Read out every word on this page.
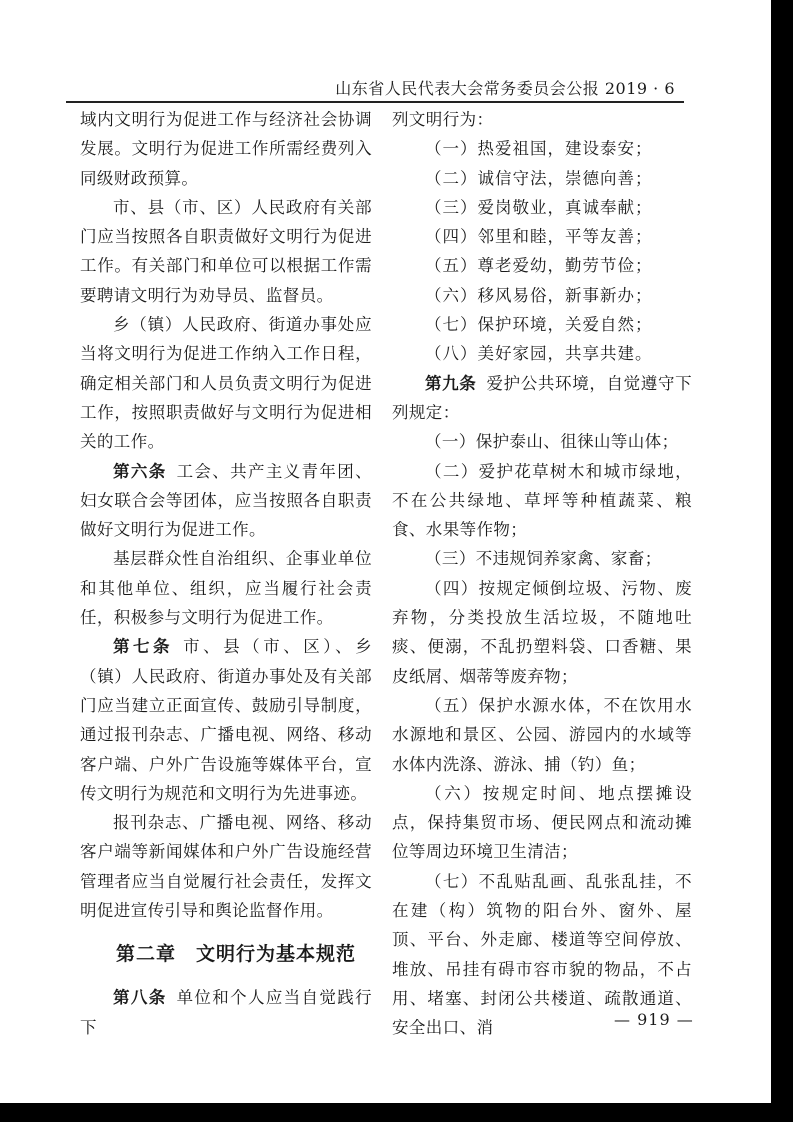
山东省人民代表大会常务委员会公报 2019 · 6

域内文明行为促进工作与经济社会协调发展。文明行为促进工作所需经费列入同级财政预算。

市、县（市、区）人民政府有关部门应当按照各自职责做好文明行为促进工作。有关部门和单位可以根据工作需要聘请文明行为劝导员、监督员。

乡（镇）人民政府、街道办事处应当将文明行为促进工作纳入工作日程，确定相关部门和人员负责文明行为促进工作，按照职责做好与文明行为促进相关的工作。

第六条 工会、共产主义青年团、妇女联合会等团体，应当按照各自职责做好文明行为促进工作。

基层群众性自治组织、企事业单位和其他单位、组织，应当履行社会责任，积极参与文明行为促进工作。

第七条 市、县（市、区）、乡（镇）人民政府、街道办事处及有关部门应当建立正面宣传、鼓励引导制度，通过报刊杂志、广播电视、网络、移动客户端、户外广告设施等媒体平台，宣传文明行为规范和文明行为先进事迹。

报刊杂志、广播电视、网络、移动客户端等新闻媒体和户外广告设施经营管理者应当自觉履行社会责任，发挥文明促进宣传引导和舆论监督作用。

第二章　文明行为基本规范

第八条 单位和个人应当自觉践行下

列文明行为：

（一）热爱祖国，建设泰安；

（二）诚信守法，崇德向善；

（三）爱岗敬业，真诚奉献；

（四）邻里和睦，平等友善；

（五）尊老爱幼，勤劳节俭；

（六）移风易俗，新事新办；

（七）保护环境，关爱自然；

（八）美好家园，共享共建。

第九条 爱护公共环境，自觉遵守下列规定：

（一）保护泰山、徂徕山等山体；

（二）爱护花草树木和城市绿地，不在公共绿地、草坪等种植蔬菜、粮食、水果等作物；

（三）不违规饲养家禽、家畜；

（四）按规定倾倒垃圾、污物、废弃物，分类投放生活垃圾，不随地吐痰、便溺，不乱扔塑料袋、口香糖、果皮纸屑、烟蒂等废弃物；

（五）保护水源水体，不在饮用水水源地和景区、公园、游园内的水域等水体内洗涤、游泳、捕（钓）鱼；

（六）按规定时间、地点摆摊设点，保持集贸市场、便民网点和流动摊位等周边环境卫生清洁；

（七）不乱贴乱画、乱张乱挂，不在建（构）筑物的阳台外、窗外、屋顶、平台、外走廊、楼道等空间停放、堆放、吊挂有碍市容市貌的物品，不占用、堵塞、封闭公共楼道、疏散通道、安全出口、消	— 919 —
